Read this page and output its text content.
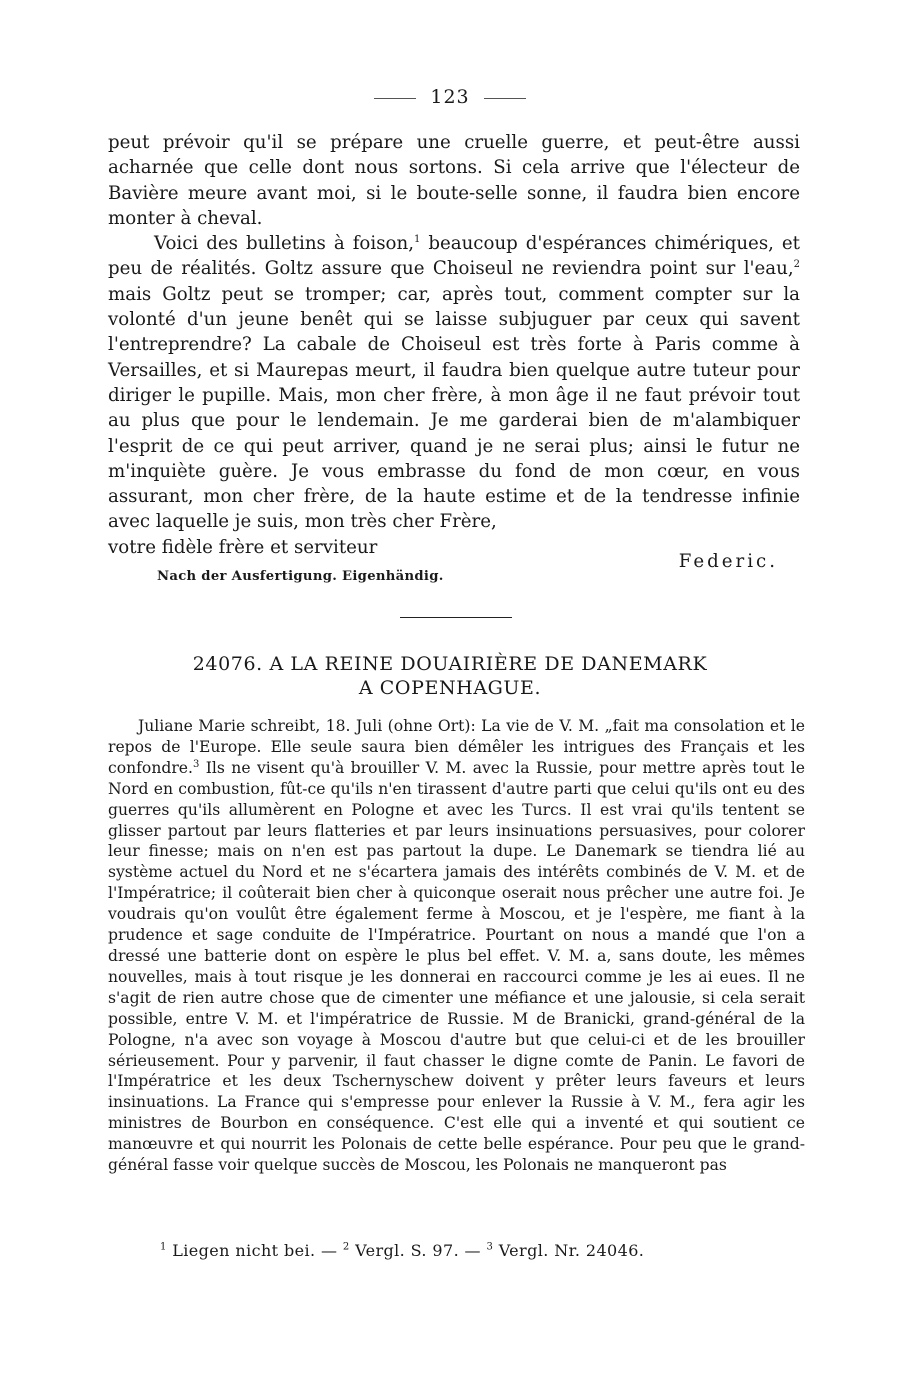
123

peut prévoir qu'il se prépare une cruelle guerre, et peut-être aussi acharnée que celle dont nous sortons. Si cela arrive que l'électeur de Bavière meure avant moi, si le boute-selle sonne, il faudra bien encore monter à cheval.

Voici des bulletins à foison,$^1$ beaucoup d'espérances chimériques, et peu de réalités. Goltz assure que Choiseul ne reviendra point sur l'eau,$^2$ mais Goltz peut se tromper; car, après tout, comment compter sur la volonté d'un jeune benêt qui se laisse subjuguer par ceux qui savent l'entreprendre? La cabale de Choiseul est très forte à Paris comme à Versailles, et si Maurepas meurt, il faudra bien quelque autre tuteur pour diriger le pupille. Mais, mon cher frère, à mon âge il ne faut prévoir tout au plus que pour le lendemain. Je me garderai bien de m'alambiquer l'esprit de ce qui peut arriver, quand je ne serai plus; ainsi le futur ne m'inquiète guère. Je vous embrasse du fond de mon cœur, en vous assurant, mon cher frère, de la haute estime et de la tendresse infinie avec laquelle je suis, mon très cher Frère,

votre fidèle frère et serviteur
Federic.
Nach der Ausfertigung. Eigenhändig.
24076. A LA REINE DOUAIRIÈRE DE DANEMARK
A COPENHAGUE.

Juliane Marie schreibt, 18. Juli (ohne Ort): La vie de V. M. „fait ma consolation et le repos de l'Europe. Elle seule saura bien démêler les intrigues des Français et les confondre.$^3$ Ils ne visent qu'à brouiller V. M. avec la Russie, pour mettre après tout le Nord en combustion, fût-ce qu'ils n'en tirassent d'autre parti que celui qu'ils ont eu des guerres qu'ils allumèrent en Pologne et avec les Turcs. Il est vrai qu'ils tentent se glisser partout par leurs flatteries et par leurs insinuations persuasives, pour colorer leur finesse; mais on n'en est pas partout la dupe. Le Danemark se tiendra lié au système actuel du Nord et ne s'écartera jamais des intérêts combinés de V. M. et de l'Impératrice; il coûterait bien cher à quiconque oserait nous prêcher une autre foi. Je voudrais qu'on voulût être également ferme à Moscou, et je l'espère, me fiant à la prudence et sage conduite de l'Impératrice. Pourtant on nous a mandé que l'on a dressé une batterie dont on espère le plus bel effet. V. M. a, sans doute, les mêmes nouvelles, mais à tout risque je les donnerai en raccourci comme je les ai eues. Il ne s'agit de rien autre chose que de cimenter une méfiance et une jalousie, si cela serait possible, entre V. M. et l'impératrice de Russie. M de Branicki, grand-général de la Pologne, n'a avec son voyage à Moscou d'autre but que celui-ci et de les brouiller sérieusement. Pour y parvenir, il faut chasser le digne comte de Panin. Le favori de l'Impératrice et les deux Tschernyschew doivent y prêter leurs faveurs et leurs insinuations. La France qui s'empresse pour enlever la Russie à V. M., fera agir les ministres de Bourbon en conséquence. C'est elle qui a inventé et qui soutient ce manœuvre et qui nourrit les Polonais de cette belle espérance. Pour peu que le grand-général fasse voir quelque succès de Moscou, les Polonais ne manqueront pas

$^1$ Liegen nicht bei. — $^2$ Vergl. S. 97. — $^3$ Vergl. Nr. 24046.
